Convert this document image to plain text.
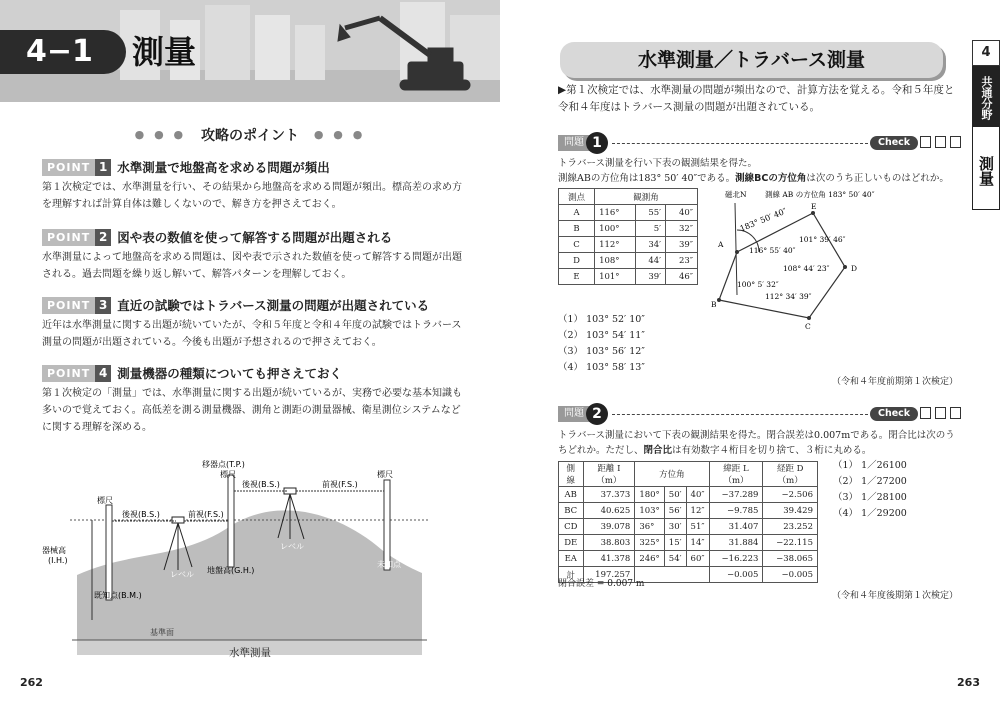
4−1	測量
● ● ● 攻略のポイント ● ● ●
POINT 1 水準測量で地盤高を求める問題が頻出
第１次検定では、水準測量を行い、その結果から地盤高を求める問題が頻出。標高差の求め方を理解すれば計算自体は難しくないので、解き方を押さえておく。
POINT 2 図や表の数値を使って解答する問題が出題される
水準測量によって地盤高を求める問題は、図や表で示された数値を使って解答する問題が出題される。過去問題を繰り返し解いて、解答パターンを理解しておく。
POINT 3 直近の試験ではトラバース測量の問題が出題されている
近年は水準測量に関する出題が続いていたが、令和５年度と令和４年度の試験ではトラバース測量の問題が出題されている。今後も出題が予想されるので押さえておく。
POINT 4 測量機器の種類についても押さえておく
第１次検定の「測量」では、水準測量に関する出題が続いているが、実務で必要な基本知識も多いので覚えておく。高低差を測る測量機器、測角と測距の測量器械、衛星測位システムなどに関する理解を深める。
基準面
移器点(T.P.)
標尺
標尺
標尺
後視(B.S.)	前視(F.S.)
後視(B.S.)	前視(F.S.)
器械高
(I.H.)
レベル
レベル
地盤高(G.H.)
既知点(B.M.)
未知点
水準測量
262
水準測量／トラバース測量	4
共通分野
測量
▶第１次検定では、水準測量の問題が頻出なので、計算方法を覚える。令和５年度と令和４年度はトラバース測量の問題が出題されている。
問題 1	Check
トラバース測量を行い下表の観測結果を得た。
測線ABの方位角は183° 50′ 40″である。測線BCの方位角は次のうち正しいものはどれか。
測点	観測角		
A	116°	55′	40″
B	100°	5′	32″
C	112°	34′	39″
D	108°	44′	23″
E	101°	39′	46″
磁北N 測線 AB の方位角 183° 50′ 40″
183° 50′ 40″
116° 55′ 40″
100° 5′ 32″
112° 34′ 39″
108° 44′ 23″
101° 39′ 46″
A
B
C
D
E
（1） 103° 52′ 10″
（2） 103° 54′ 11″
（3） 103° 56′ 12″
（4） 103° 58′ 13″
（令和４年度前期第１次検定）
問題 2	Check
トラバース測量において下表の観測結果を得た。閉合誤差は0.007mである。閉合比は次のうちどれか。ただし、閉合比は有効数字４桁目を切り捨て、３桁に丸める。
側線	距離 I（m）	方位角			緯距 L（m）	経距 D（m）
AB	37.373	180°	50′	40″	−37.289	−2.506
BC	40.625	103°	56′	12″	−9.785	39.429
CD	39.078	36°	30′	51″	31.407	23.252
DE	38.803	325°	15′	14″	31.884	−22.115
EA	41.378	246°	54′	60″	−16.223	−38.065
計	197.257				−0.005	−0.005
閉合誤差 = 0.007 m
（1） 1／26100
（2） 1／27200
（3） 1／28100
（4） 1／29200
（令和４年度後期第１次検定）
263
